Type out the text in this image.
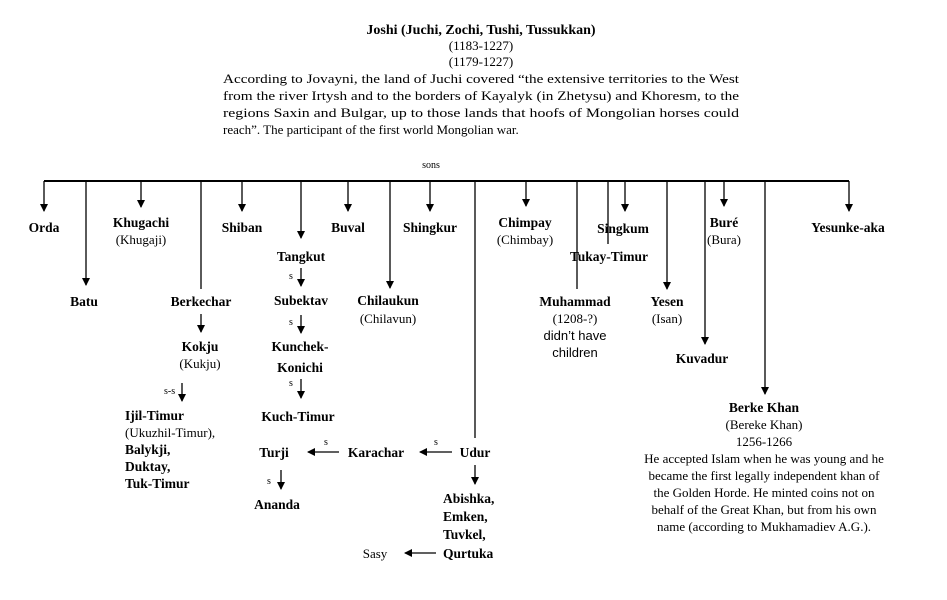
Joshi (Juchi, Zochi, Tushi, Tussukkan)
(1183-1227)
(1179-1227)
According to Jovayni, the land of Juchi covered “the extensive territories to the West
from the river Irtysh and to the borders of Kayalyk (in Zhetysu) and Khoresm, to the
regions Saxin and Bulgar, up to those lands that hoofs of Mongolian horses could
reach”. The participant of the first world Mongolian war.
sons
Orda
Batu
Khugachi
(Khugaji)
Shiban	Buval	Shingkur	Chimpay
(Chimbay)
Singkum
Tukay-Timur
Buré
(Bura)
Yesunke-aka
Berkechar
Kokju
(Kukju)
s-s
Ijil-Timur
(Ukuzhil-Timur),
Balykji,
Duktay,
Tuk-Timur
Tangkut
s
Subektav
s
Kunchek-
Konichi
s
Kuch-Timur
Turji
s
Ananda
Udur
s
Karachar
s
Abishka,
Emken,
Tuvkel,
Qurtuka
Sasy
Chilaukun
(Chilavun)
Muhammad
(1208-?)
didn’t have
children
Yesen
(Isan)
Kuvadur
Berke Khan
(Bereke Khan)
1256-1266
He accepted Islam when he was young and he
became the first legally independent khan of
the Golden Horde. He minted coins not on
behalf of the Great Khan, but from his own
name (according to Mukhamadiev A.G.).
